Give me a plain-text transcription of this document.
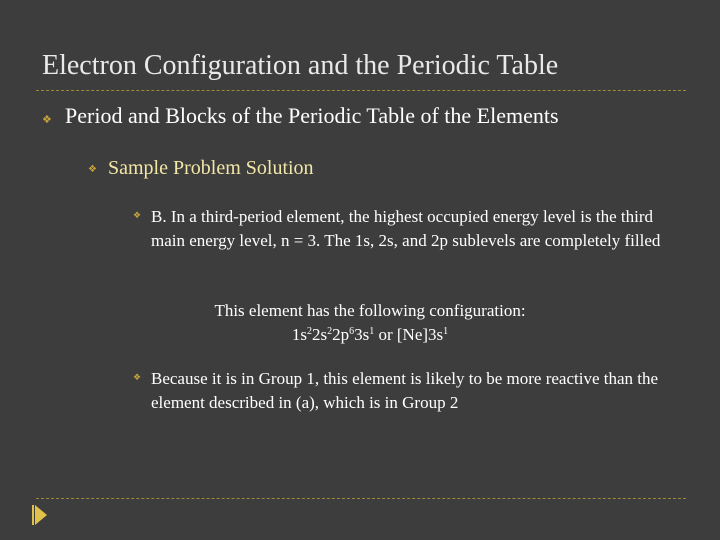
Electron Configuration and the Periodic Table
❖ Period and Blocks of the Periodic Table of the Elements
❖ Sample Problem Solution
❖ B. In a third-period element, the highest occupied energy level is the third main energy level, n = 3. The 1s, 2s, and 2p sublevels are completely filled
This element has the following configuration:
$1s^22s^22p^63s^1$ or $[Ne]3s^1$
❖ Because it is in Group 1, this element is likely to be more reactive than the element described in (a), which is in Group 2
